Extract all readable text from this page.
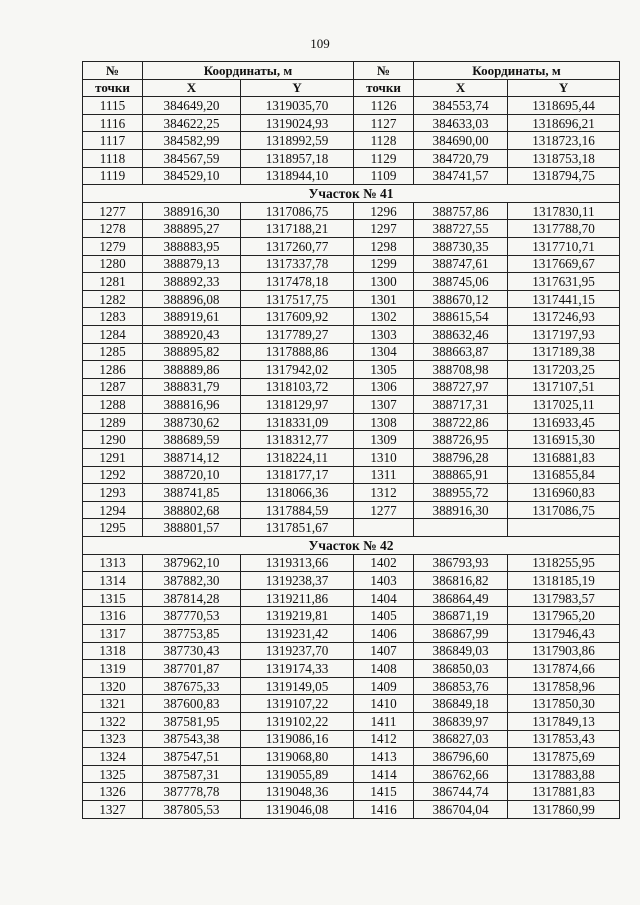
109
№	Координаты, м		№	Координаты, м	
точки	X	Y	точки	X	Y
1115	384649,20	1319035,70	1126	384553,74	1318695,44
1116	384622,25	1319024,93	1127	384633,03	1318696,21
1117	384582,99	1318992,59	1128	384690,00	1318723,16
1118	384567,59	1318957,18	1129	384720,79	1318753,18
1119	384529,10	1318944,10	1109	384741,57	1318794,75
Участок № 41					
1277	388916,30	1317086,75	1296	388757,86	1317830,11
1278	388895,27	1317188,21	1297	388727,55	1317788,70
1279	388883,95	1317260,77	1298	388730,35	1317710,71
1280	388879,13	1317337,78	1299	388747,61	1317669,67
1281	388892,33	1317478,18	1300	388745,06	1317631,95
1282	388896,08	1317517,75	1301	388670,12	1317441,15
1283	388919,61	1317609,92	1302	388615,54	1317246,93
1284	388920,43	1317789,27	1303	388632,46	1317197,93
1285	388895,82	1317888,86	1304	388663,87	1317189,38
1286	388889,86	1317942,02	1305	388708,98	1317203,25
1287	388831,79	1318103,72	1306	388727,97	1317107,51
1288	388816,96	1318129,97	1307	388717,31	1317025,11
1289	388730,62	1318331,09	1308	388722,86	1316933,45
1290	388689,59	1318312,77	1309	388726,95	1316915,30
1291	388714,12	1318224,11	1310	388796,28	1316881,83
1292	388720,10	1318177,17	1311	388865,91	1316855,84
1293	388741,85	1318066,36	1312	388955,72	1316960,83
1294	388802,68	1317884,59	1277	388916,30	1317086,75
1295	388801,57	1317851,67			
Участок № 42					
1313	387962,10	1319313,66	1402	386793,93	1318255,95
1314	387882,30	1319238,37	1403	386816,82	1318185,19
1315	387814,28	1319211,86	1404	386864,49	1317983,57
1316	387770,53	1319219,81	1405	386871,19	1317965,20
1317	387753,85	1319231,42	1406	386867,99	1317946,43
1318	387730,43	1319237,70	1407	386849,03	1317903,86
1319	387701,87	1319174,33	1408	386850,03	1317874,66
1320	387675,33	1319149,05	1409	386853,76	1317858,96
1321	387600,83	1319107,22	1410	386849,18	1317850,30
1322	387581,95	1319102,22	1411	386839,97	1317849,13
1323	387543,38	1319086,16	1412	386827,03	1317853,43
1324	387547,51	1319068,80	1413	386796,60	1317875,69
1325	387587,31	1319055,89	1414	386762,66	1317883,88
1326	387778,78	1319048,36	1415	386744,74	1317881,83
1327	387805,53	1319046,08	1416	386704,04	1317860,99
